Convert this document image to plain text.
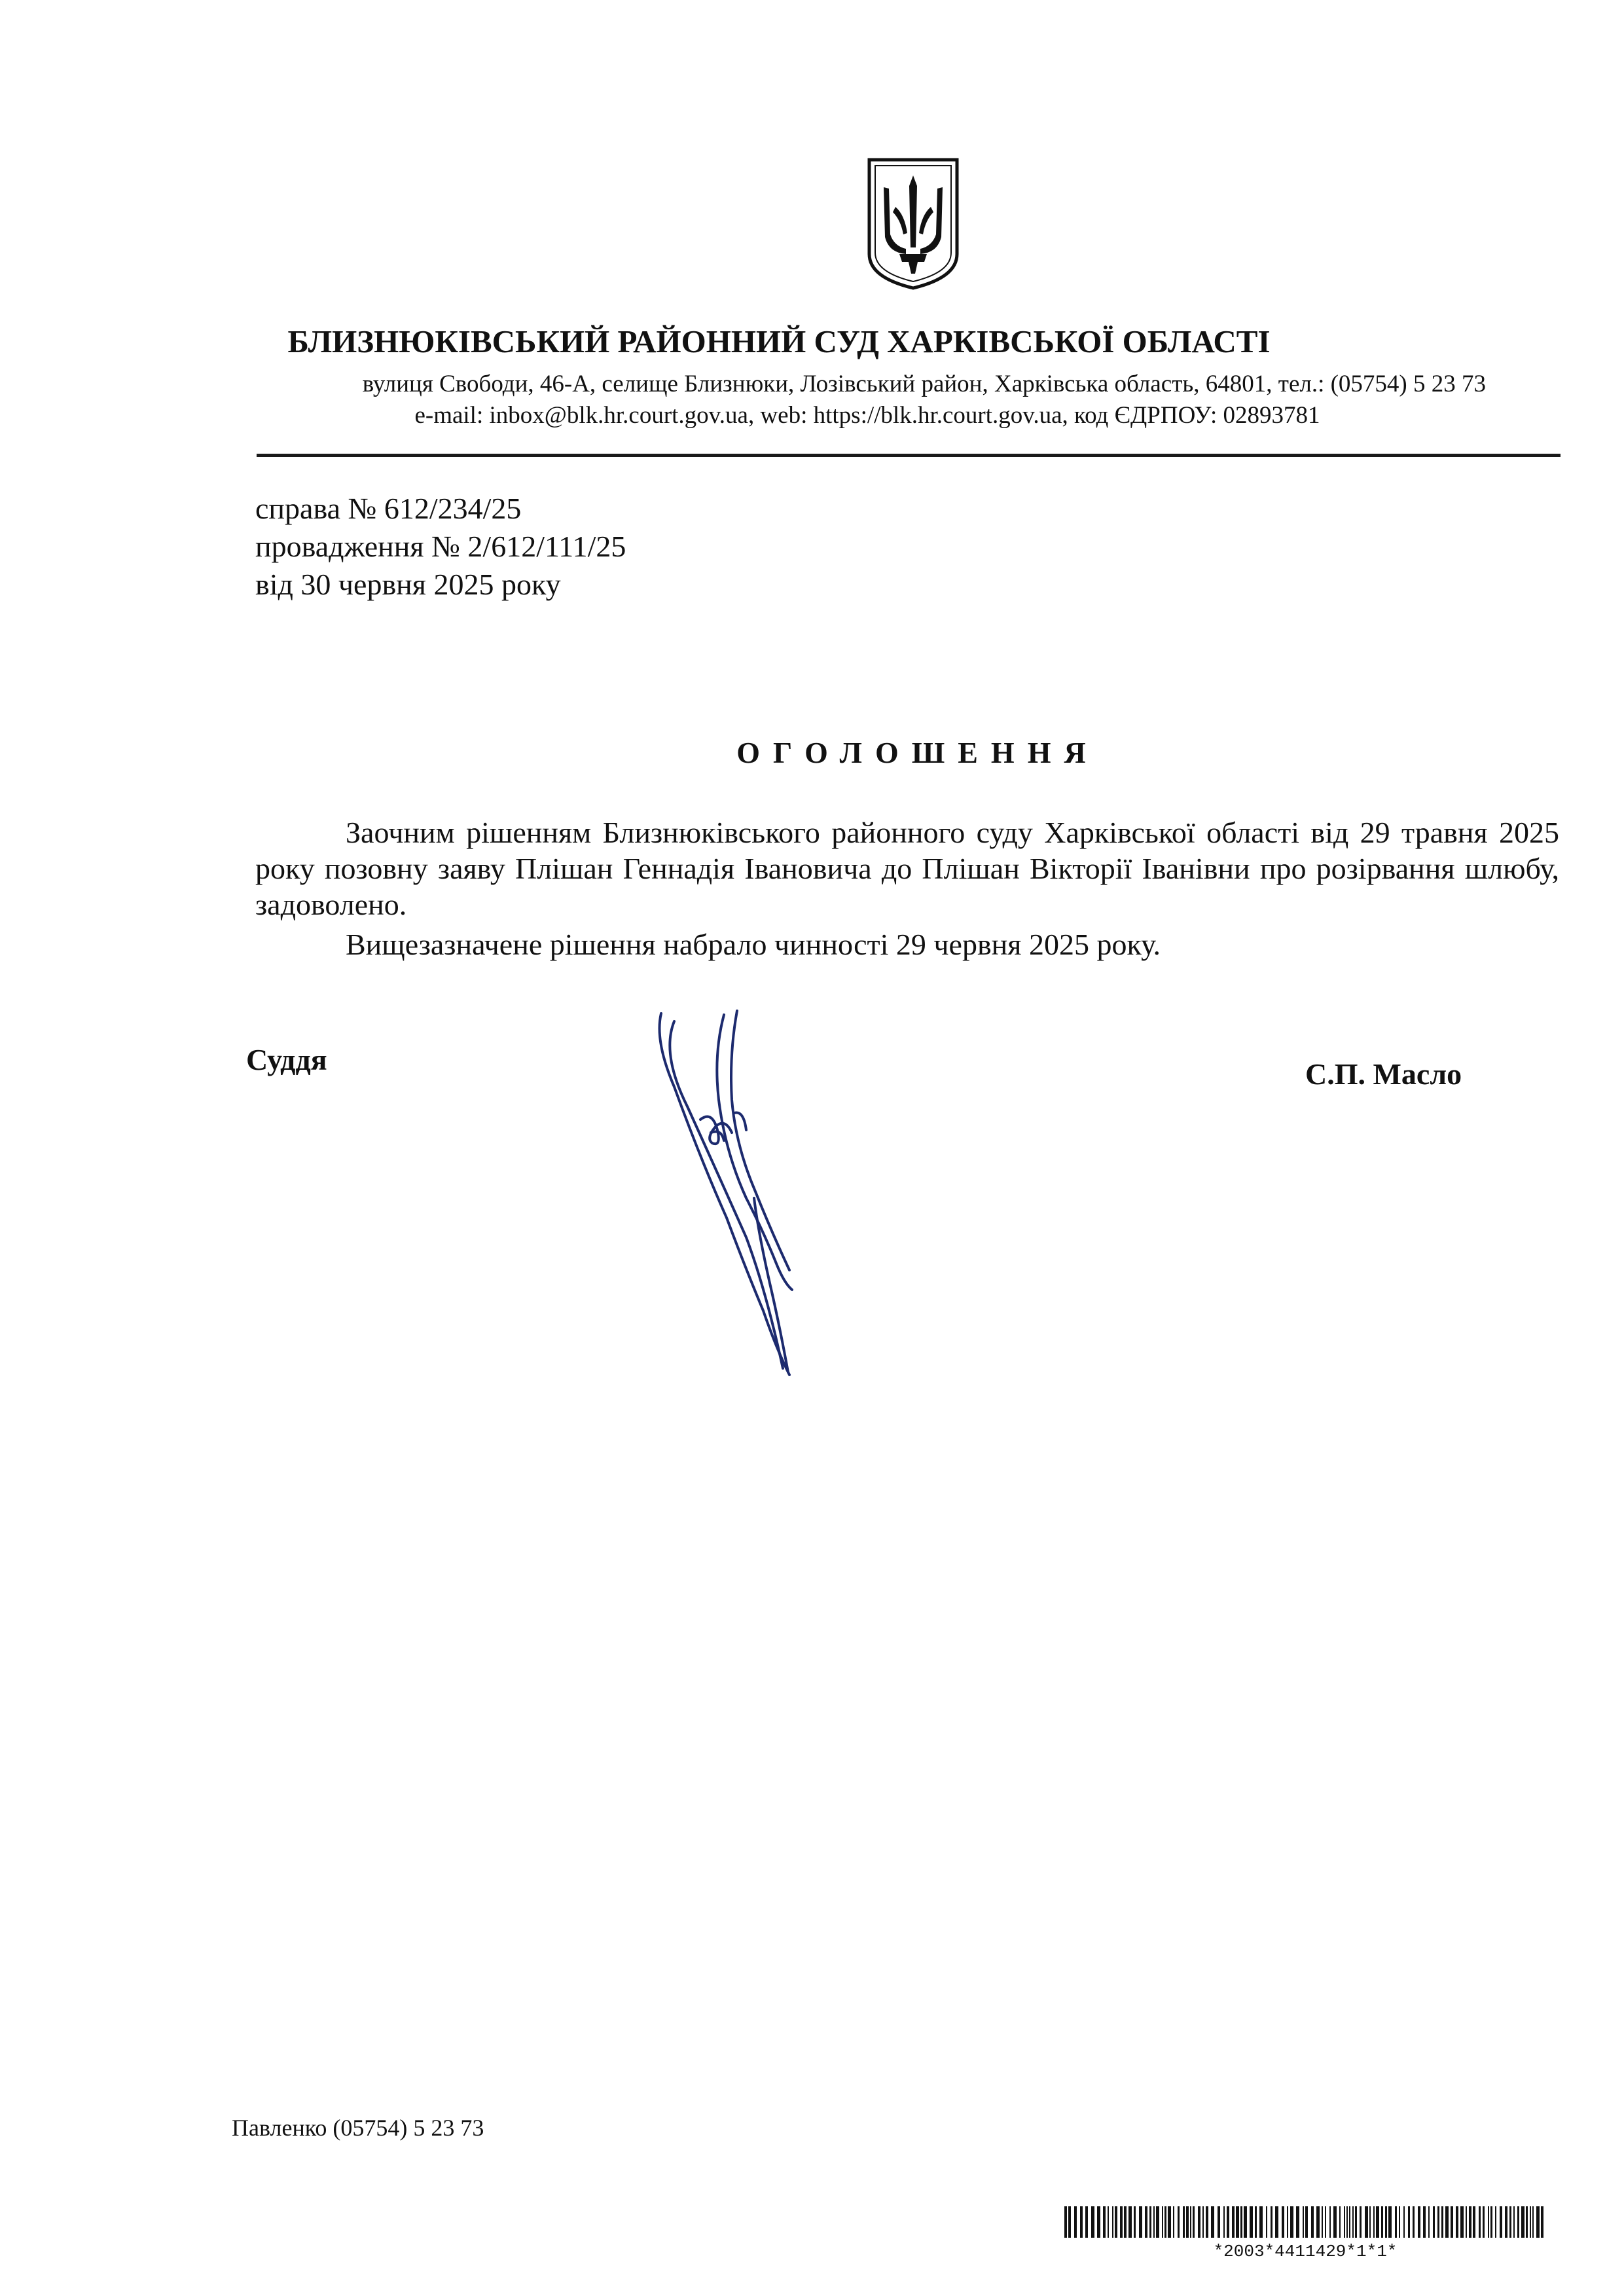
БЛИЗНЮКІВСЬКИЙ РАЙОННИЙ СУД ХАРКІВСЬКОЇ ОБЛАСТІ
вулиця Свободи, 46-А, селище Близнюки, Лозівський район, Харківська область, 64801, тел.: (05754) 5 23 73
e-mail: inbox@blk.hr.court.gov.ua, web: https://blk.hr.court.gov.ua, код ЄДРПОУ: 02893781
справа № 612/234/25
провадження № 2/612/111/25
від 30 червня 2025 року
ОГОЛОШЕННЯ

Заочним рішенням Близнюківського районного суду Харківської області від 29 травня 2025 року позовну заяву Плішан Геннадія Івановича до Плішан Вікторії Іванівни про розірвання шлюбу, задоволено.

Вищезазначене рішення набрало чинності 29 червня 2025 року.

Суддя	С.П. Масло
Павленко (05754) 5 23 73
*2003*4411429*1*1*
